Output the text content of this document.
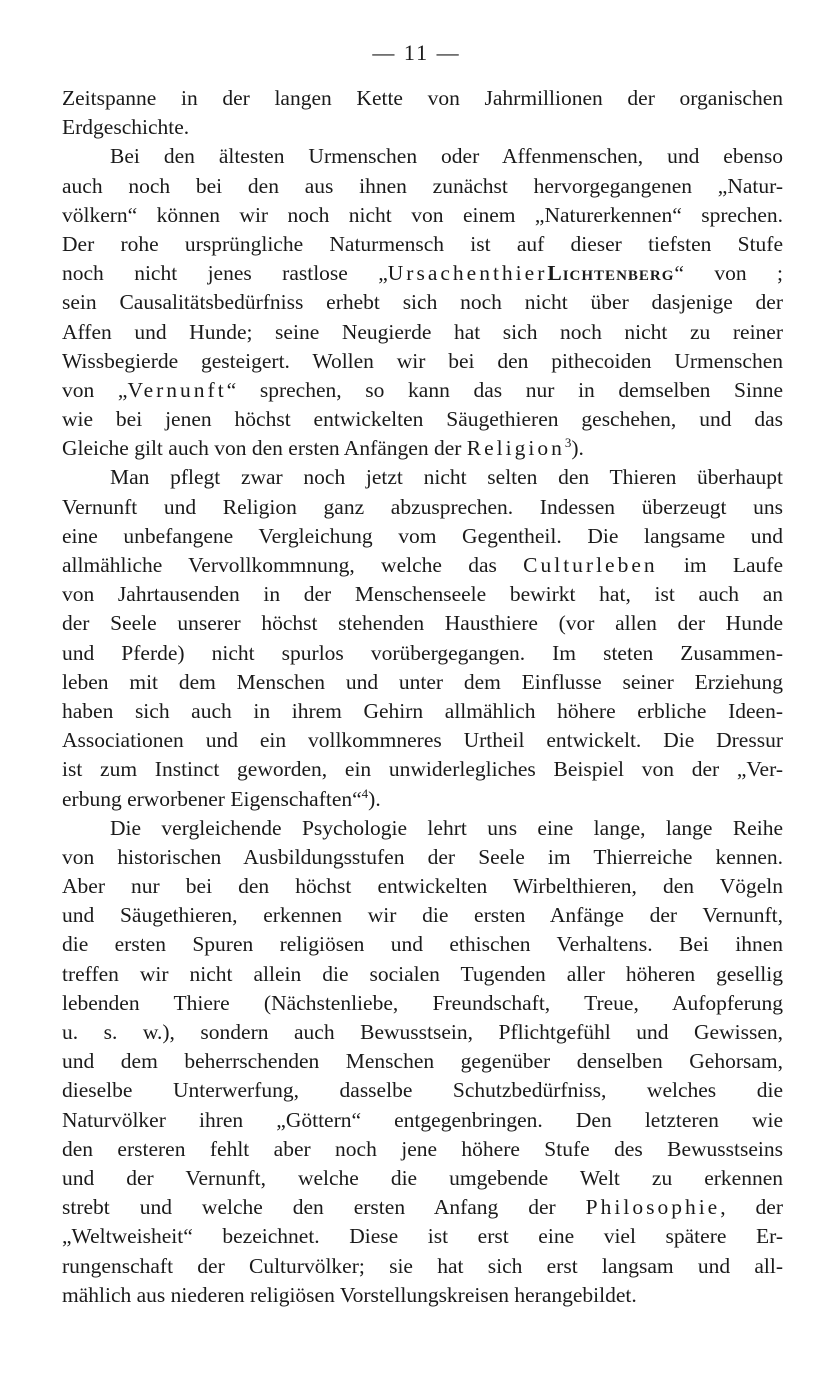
— 11 —
Zeitspanne in der langen Kette von Jahrmillionen der organischen
Erdgeschichte.
Bei den ältesten Urmenschen oder Affenmenschen, und ebenso
auch noch bei den aus ihnen zunächst hervorgegangenen „Natur-
völkern“ können wir noch nicht von einem „Naturerkennen“ sprechen.
Der rohe ursprüngliche Naturmensch ist auf dieser tiefsten Stufe
noch nicht jenes rastlose „UrsachenthierLichtenberg“ von ;
sein Causalitätsbedürfniss erhebt sich noch nicht über dasjenige der
Affen und Hunde; seine Neugierde hat sich noch nicht zu reiner
Wissbegierde gesteigert. Wollen wir bei den pithecoiden Urmenschen
von „Vernunft“ sprechen, so kann das nur in demselben Sinne
wie bei jenen höchst entwickelten Säugethieren geschehen, und das
Gleiche gilt auch von den ersten Anfängen der Religion$^3$).
Man pflegt zwar noch jetzt nicht selten den Thieren überhaupt
Vernunft und Religion ganz abzusprechen. Indessen überzeugt uns
eine unbefangene Vergleichung vom Gegentheil. Die langsame und
allmähliche Vervollkommnung, welche das Culturleben im Laufe
von Jahrtausenden in der Menschenseele bewirkt hat, ist auch an
der Seele unserer höchst stehenden Hausthiere (vor allen der Hunde
und Pferde) nicht spurlos vorübergegangen. Im steten Zusammen-
leben mit dem Menschen und unter dem Einflusse seiner Erziehung
haben sich auch in ihrem Gehirn allmählich höhere erbliche Ideen-
Associationen und ein vollkommneres Urtheil entwickelt. Die Dressur
ist zum Instinct geworden, ein unwiderlegliches Beispiel von der „Ver-
erbung erworbener Eigenschaften“$^4$).
Die vergleichende Psychologie lehrt uns eine lange, lange Reihe
von historischen Ausbildungsstufen der Seele im Thierreiche kennen.
Aber nur bei den höchst entwickelten Wirbelthieren, den Vögeln
und Säugethieren, erkennen wir die ersten Anfänge der Vernunft,
die ersten Spuren religiösen und ethischen Verhaltens. Bei ihnen
treffen wir nicht allein die socialen Tugenden aller höheren gesellig
lebenden Thiere (Nächstenliebe, Freundschaft, Treue, Aufopferung
u. s. w.), sondern auch Bewusstsein, Pflichtgefühl und Gewissen,
und dem beherrschenden Menschen gegenüber denselben Gehorsam,
dieselbe Unterwerfung, dasselbe Schutzbedürfniss, welches die
Naturvölker ihren „Göttern“ entgegenbringen. Den letzteren wie
den ersteren fehlt aber noch jene höhere Stufe des Bewusstseins
und der Vernunft, welche die umgebende Welt zu erkennen
strebt und welche den ersten Anfang der Philosophie, der
„Weltweisheit“ bezeichnet. Diese ist erst eine viel spätere Er-
rungenschaft der Culturvölker; sie hat sich erst langsam und all-
mählich aus niederen religiösen Vorstellungskreisen herangebildet.
